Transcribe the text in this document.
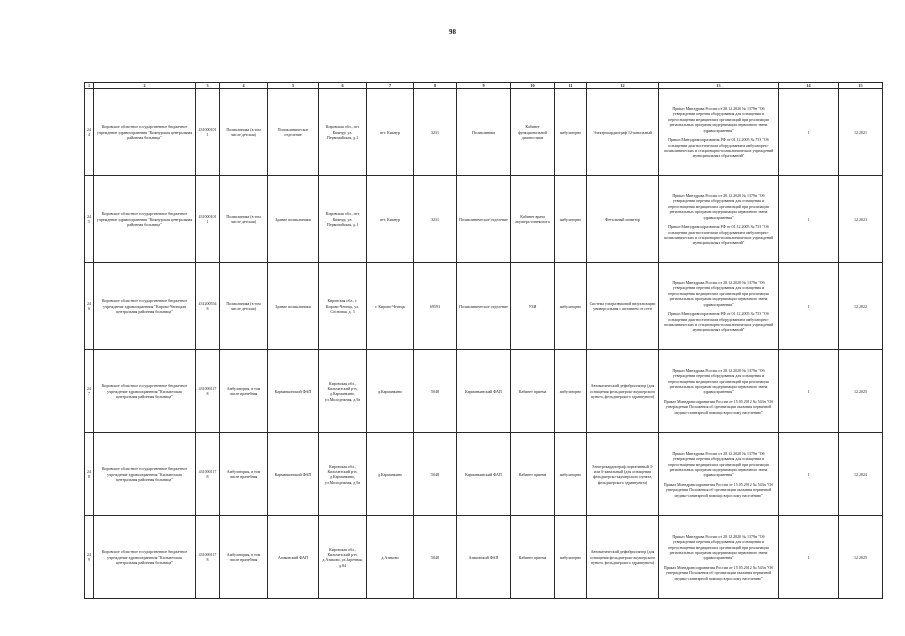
98
1	2	3	4	5	6	7	8	9	10	11	12	13	14	15
244	Кировское областное государственное бюджетное учреждение здравоохранения "Кикнурская центральная районная больница"	4310001011	Поликлиника (в том числе детская)	Поликлиническое отделение	Кировская обл., пгт Кикнур, ул. Первомайская, д.1	пгт. Кикнур	3231	Поликлиника	Кабинет функциональной диагностики	амбулаторно	Электрокардиограф 12-канальный	Приказ Минздрава России от 28.12.2020 № 1379н "Об утверждении перечня оборудования для оснащения и переоснащения медицинских организаций при реализации региональных программ модернизации первичного звена здравоохранения"

Приказ Минздравсоцразвития РФ от 01.12.2005 № 753 "Об оснащении диагностическим оборудованием амбулаторно-поликлинических и стационарно-поликлинических учреждений муниципальных образований"	1	12.2021
245	Кировское областное государственное бюджетное учреждение здравоохранения "Кикнурская центральная районная больница"	4310001011	Поликлиника (в том числе детская)	Здание поликлиники	Кировская обл., пгт Кикнур, ул. Первомайская, д.1	пгт. Кикнур	3231	Поликлиническое отделение	Кабинет врача акушера-гинеколога	амбулаторно	Фетальный монитор	Приказ Минздрава России от 28.12.2020 № 1379н "Об утверждении перечня оборудования для оснащения и переоснащения медицинских организаций при реализации региональных программ модернизации первичного звена здравоохранения"

Приказ Минздравсоцразвития РФ от 01.12.2005 № 753 "Об оснащении диагностическим оборудованием амбулаторно-поликлинических и стационарно-поликлинических учреждений муниципальных образований"	1	12.2023
246	Кировское областное государственное бюджетное учреждение здравоохранения "Кирово-Чепецкая центральная районная больница"	4312005548	Поликлиника (в том числе детская)	Здание поликлиники	Кировская обл., г. Кирово-Чепецк, ул. Сосновая, д. 3	г. Кирово-Чепецк	69593	Поликлиническое отделение	УЗИ	амбулаторно	Система ультразвуковой визуализации универсальная с питанием от сети	Приказ Минздрава России от 28.12.2020 № 1379н "Об утверждении перечня оборудования для оснащения и переоснащения медицинских организаций при реализации региональных программ модернизации первичного звена здравоохранения"

Приказ Минздравсоцразвития РФ от 01.12.2005 № 753 "Об оснащении диагностическим оборудованием амбулаторно-поликлинических и стационарно-поликлинических учреждений муниципальных образований"	1	12.2022
247	Кировское областное государственное бюджетное учреждение здравоохранения "Кильмезская центральная районная больница"	4310001178	Амбулатория, в том числе врачебная	Карманкинский ФАП	Кировская обл., Кильмезский р-н, д.Карманкино, ул.Молодежная, д.9а	д.Карманкино	5048	Карманкинский ФАП	Кабинет приема	амбулаторно	Автоматический дефибриллятор (для оснащения фельдшерско-акушерского пункта, фельдшерского здравпункта)	Приказ Минздрава России от 28.12.2020 № 1379н "Об утверждении перечня оборудования для оснащения и переоснащения медицинских организаций при реализации региональных программ модернизации первичного звена здравоохранения"

Приказ Минздравсоцразвития России от 15.05.2012 № 543н "Об утверждении Положения об организации оказания первичной медико-санитарной помощи взрослому населению"	1	12.2025
248	Кировское областное государственное бюджетное учреждение здравоохранения "Кильмезская центральная районная больница"	4310001178	Амбулатория, в том числе врачебная	Карманкинский ФАП	Кировская обл., Кильмезский р-н, д.Карманкино, ул.Молодежная, д.9а	д.Карманкино	5048	Карманкинский ФАП	Кабинет приема	амбулаторно	Электрокардиограф портативный 3- или 6-канальный (для оснащения фельдшерско-акушерского пункта, фельдшерского здравпункта)	Приказ Минздрава России от 28.12.2020 № 1379н "Об утверждении перечня оборудования для оснащения и переоснащения медицинских организаций при реализации региональных программ модернизации первичного звена здравоохранения"

Приказ Минздравсоцразвития России от 15.05.2012 № 543н "Об утверждении Положения об организации оказания первичной медико-санитарной помощи взрослому населению"	1	12.2024
249	Кировское областное государственное бюджетное учреждение здравоохранения "Кильмезская центральная районная больница"	4310001178	Амбулатория, в том числе врачебная	Азиковский ФАП	Кировская обл., Кильмезский р-н, д.Азиково, ул.Заречная, д.84	д.Азиково	5048	Азиковский ФАП	Кабинет приема	амбулаторно	Автоматический дефибриллятор (для оснащения фельдшерско-акушерского пункта, фельдшерского здравпункта)	Приказ Минздрава России от 28.12.2020 № 1379н "Об утверждении перечня оборудования для оснащения и переоснащения медицинских организаций при реализации региональных программ модернизации первичного звена здравоохранения"

Приказ Минздравсоцразвития России от 15.05.2012 № 543н "Об утверждении Положения об организации оказания первичной медико-санитарной помощи взрослому населению"	1	12.2025
